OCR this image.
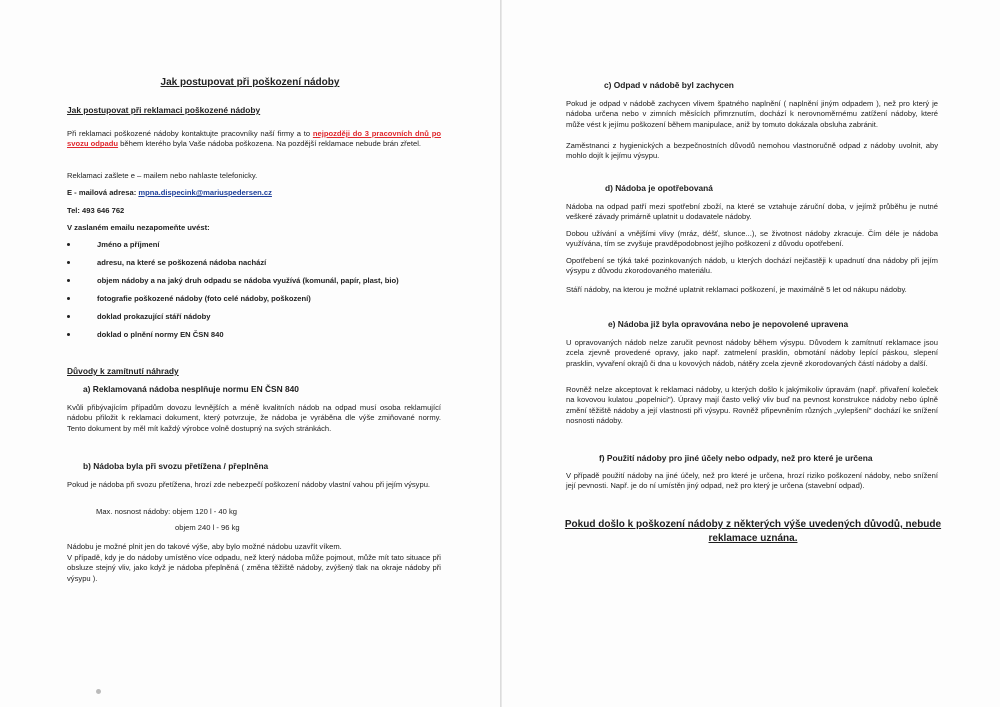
Jak postupovat při poškození nádoby

Jak postupovat při reklamaci poškozené nádoby

Při reklamaci poškozené nádoby kontaktujte pracovníky naší firmy a to nejpozději do 3 pracovních dnů po svozu odpadu během kterého byla Vaše nádoba poškozena. Na pozdější reklamace nebude brán zřetel.

Reklamaci zašlete e – mailem nebo nahlaste telefonicky.

E - mailová adresa: mpna.dispecink@mariuspedersen.cz

Tel: 493 646 762

V zaslaném emailu nezapomeňte uvést:

Jméno a příjmení
adresu, na které se poškozená nádoba nachází
objem nádoby a na jaký druh odpadu se nádoba využívá (komunál, papír, plast, bio)
fotografie poškozené nádoby (foto celé nádoby, poškození)
doklad prokazující stáří nádoby
doklad o plnění normy EN ČSN 840

Důvody k zamítnutí náhrady

a) Reklamovaná nádoba nesplňuje normu EN ČSN 840

Kvůli přibývajícím případům dovozu levnějších a méně kvalitních nádob na odpad musí osoba reklamující nádobu přiložit k reklamaci dokument, který potvrzuje, že nádoba je vyráběna dle výše zmiňované normy. Tento dokument by měl mít každý výrobce volně dostupný na svých stránkách.

b) Nádoba byla při svozu přetížena / přeplněna

Pokud je nádoba při svozu přetížena, hrozí zde nebezpečí poškození nádoby vlastní vahou při jejím výsypu.

Max. nosnost nádoby: objem 120 l - 40 kg

objem 240 l - 96 kg

Nádobu je možné plnit jen do takové výše, aby bylo možné nádobu uzavřít víkem.

V případě, kdy je do nádoby umístěno více odpadu, než který nádoba může pojmout, může mít tato situace při obsluze stejný vliv, jako když je nádoba přeplněná ( změna těžiště nádoby, zvýšený tlak na okraje nádoby při výsypu ).

c) Odpad v nádobě byl zachycen

Pokud je odpad v nádobě zachycen vlivem špatného naplnění ( naplnění jiným odpadem ), než pro který je nádoba určena nebo v zimních měsících přimrznutím, dochází k nerovnoměrnému zatížení nádoby, které může vést k jejímu poškození během manipulace, aniž by tomuto dokázala obsluha zabránit.

Zaměstnanci z hygienických a bezpečnostních důvodů nemohou vlastnoručně odpad z nádoby uvolnit, aby mohlo dojít k jejímu výsypu.

d) Nádoba je opotřebovaná

Nádoba na odpad patří mezi spotřební zboží, na které se vztahuje záruční doba, v jejímž průběhu je nutné veškeré závady primárně uplatnit u dodavatele nádoby.

Dobou užívání a vnějšími vlivy (mráz, déšť, slunce...), se životnost nádoby zkracuje. Čím déle je nádoba využívána, tím se zvyšuje pravděpodobnost jejího poškození z důvodu opotřebení.

Opotřebení se týká také pozinkovaných nádob, u kterých dochází nejčastěji k upadnutí dna nádoby při jejím výsypu z důvodu zkorodovaného materiálu.

Stáří nádoby, na kterou je možné uplatnit reklamaci poškození, je maximálně 5 let od nákupu nádoby.

e) Nádoba již byla opravována nebo je nepovolené upravena

U opravovaných nádob nelze zaručit pevnost nádoby během výsypu. Důvodem k zamítnutí reklamace jsou zcela zjevně provedené opravy, jako např. zatmelení prasklin, obmotání nádoby lepící páskou, slepení prasklin, vyvaření okrajů či dna u kovových nádob, nátěry zcela zjevně zkorodovaných částí nádoby a další.

Rovněž nelze akceptovat k reklamaci nádoby, u kterých došlo k jakýmikoliv úpravám (např. přivaření koleček na kovovou kulatou „popelnici"). Úpravy mají často velký vliv buď na pevnost konstrukce nádoby nebo úplně změní těžiště nádoby a její vlastnosti při výsypu. Rovněž připevněním různých „vylepšení" dochází ke snížení nosnosti nádoby.

f) Použití nádoby pro jiné účely nebo odpady, než pro které je určena

V případě použití nádoby na jiné účely, než pro které je určena, hrozí riziko poškození nádoby, nebo snížení její pevnosti. Např. je do ní umístěn jiný odpad, než pro který je určena (stavební odpad).

Pokud došlo k poškození nádoby z některých výše uvedených důvodů, nebude reklamace uznána.
